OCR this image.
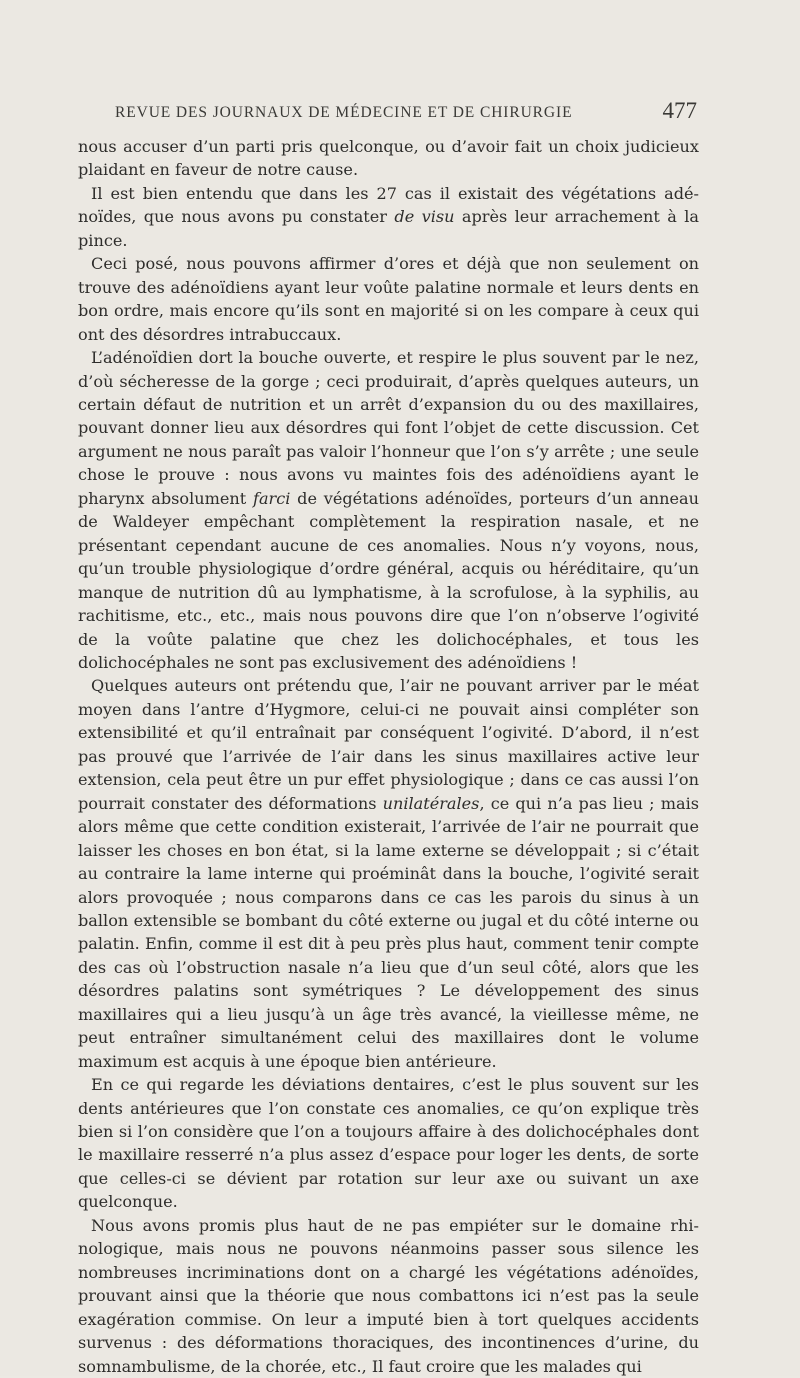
REVUE DES JOURNAUX DE MÉDECINE ET DE CHIRURGIE	477

nous accuser d’un parti pris quelconque, ou d’avoir fait un choix judicieux plaidant en faveur de notre cause.

Il est bien entendu que dans les 27 cas il existait des végétations adénoïdes, que nous avons pu constater de visu après leur arrachement à la pince.

Ceci posé, nous pouvons affirmer d’ores et déjà que non seulement on trouve des adénoïdiens ayant leur voûte palatine normale et leurs dents en bon ordre, mais encore qu’ils sont en majorité si on les compare à ceux qui ont des désordres intrabuccaux.

L’adénoïdien dort la bouche ouverte, et respire le plus souvent par le nez, d’où sécheresse de la gorge ; ceci produirait, d’après quelques auteurs, un certain défaut de nutrition et un arrêt d’expansion du ou des maxillaires, pouvant donner lieu aux désordres qui font l’objet de cette discussion. Cet argument ne nous paraît pas valoir l’honneur que l’on s’y arrête ; une seule chose le prouve : nous avons vu maintes fois des adénoïdiens ayant le pharynx absolument farci de végétations adénoïdes, porteurs d’un anneau de Waldeyer empêchant complètement la respiration nasale, et ne présentant cependant aucune de ces anomalies. Nous n’y voyons, nous, qu’un trouble physiologique d’ordre général, acquis ou héréditaire, qu’un manque de nutrition dû au lymphatisme, à la scrofulose, à la syphilis, au rachitisme, etc., etc., mais nous pouvons dire que l’on n’observe l’ogivité de la voûte palatine que chez les dolichocéphales, et tous les dolichocéphales ne sont pas exclusivement des adénoïdiens !

Quelques auteurs ont prétendu que, l’air ne pouvant arriver par le méat moyen dans l’antre d’Hygmore, celui-ci ne pouvait ainsi compléter son extensibilité et qu’il entraînait par conséquent l’ogivité. D’abord, il n’est pas prouvé que l’arrivée de l’air dans les sinus maxillaires active leur extension, cela peut être un pur effet physiologique ; dans ce cas aussi l’on pourrait constater des déformations unilatérales, ce qui n’a pas lieu ; mais alors même que cette condition existerait, l’arrivée de l’air ne pourrait que laisser les choses en bon état, si la lame externe se développait ; si c’était au contraire la lame interne qui proéminât dans la bouche, l’ogivité serait alors provoquée ; nous comparons dans ce cas les parois du sinus à un ballon extensible se bombant du côté externe ou jugal et du côté interne ou palatin. Enfin, comme il est dit à peu près plus haut, comment tenir compte des cas où l’obstruction nasale n’a lieu que d’un seul côté, alors que les désordres palatins sont symétriques ? Le développement des sinus maxillaires qui a lieu jusqu’à un âge très avancé, la vieillesse même, ne peut entraîner simultanément celui des maxillaires dont le volume maximum est acquis à une époque bien antérieure.

En ce qui regarde les déviations dentaires, c’est le plus souvent sur les dents antérieures que l’on constate ces anomalies, ce qu’on explique très bien si l’on considère que l’on a toujours affaire à des dolichocéphales dont le maxillaire resserré n’a plus assez d’espace pour loger les dents, de sorte que celles-ci se dévient par rotation sur leur axe ou suivant un axe quelconque.

Nous avons promis plus haut de ne pas empiéter sur le domaine rhinologique, mais nous ne pouvons néanmoins passer sous silence les nombreuses incriminations dont on a chargé les végétations adénoïdes, prouvant ainsi que la théorie que nous combattons ici n’est pas la seule exagération commise. On leur a imputé bien à tort quelques accidents survenus : des déformations thoraciques, des incontinences d’urine, du somnambulisme, de la chorée, etc., Il faut croire que les malades qui
